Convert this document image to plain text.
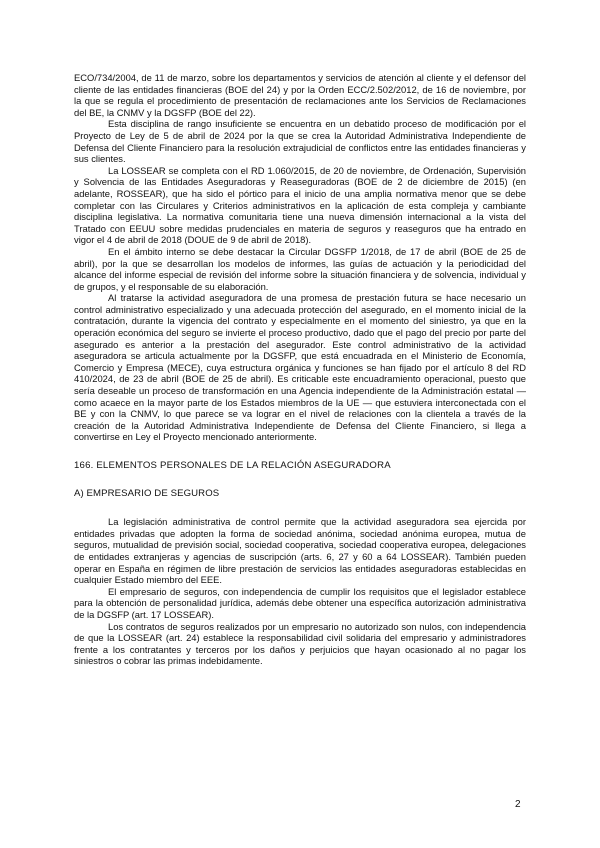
ECO/734/2004, de 11 de marzo, sobre los departamentos y servicios de atención al cliente y el defensor del cliente de las entidades financieras (BOE del 24) y por la Orden ECC/2.502/2012, de 16 de noviembre, por la que se regula el procedimiento de presentación de reclamaciones ante los Servicios de Reclamaciones del BE, la CNMV y la DGSFP (BOE del 22).

Esta disciplina de rango insuficiente se encuentra en un debatido proceso de modificación por el Proyecto de Ley de 5 de abril de 2024 por la que se crea la Autoridad Administrativa Independiente de Defensa del Cliente Financiero para la resolución extrajudicial de conflictos entre las entidades financieras y sus clientes.

La LOSSEAR se completa con el RD 1.060/2015, de 20 de noviembre, de Ordenación, Supervisión y Solvencia de las Entidades Aseguradoras y Reaseguradoras (BOE de 2 de diciembre de 2015) (en adelante, ROSSEAR), que ha sido el pórtico para el inicio de una amplia normativa menor que se debe completar con las Circulares y Criterios administrativos en la aplicación de esta compleja y cambiante disciplina legislativa. La normativa comunitaria tiene una nueva dimensión internacional a la vista del Tratado con EEUU sobre medidas prudenciales en materia de seguros y reaseguros que ha entrado en vigor el 4 de abril de 2018 (DOUE de 9 de abril de 2018).

En el ámbito interno se debe destacar la Circular DGSFP 1/2018, de 17 de abril (BOE de 25 de abril), por la que se desarrollan los modelos de informes, las guías de actuación y la periodicidad del alcance del informe especial de revisión del informe sobre la situación financiera y de solvencia, individual y de grupos, y el responsable de su elaboración.

Al tratarse la actividad aseguradora de una promesa de prestación futura se hace necesario un control administrativo especializado y una adecuada protección del asegurado, en el momento inicial de la contratación, durante la vigencia del contrato y especialmente en el momento del siniestro, ya que en la operación económica del seguro se invierte el proceso productivo, dado que el pago del precio por parte del asegurado es anterior a la prestación del asegurador. Este control administrativo de la actividad aseguradora se articula actualmente por la DGSFP, que está encuadrada en el Ministerio de Economía, Comercio y Empresa (MECE), cuya estructura orgánica y funciones se han fijado por el artículo 8 del RD 410/2024, de 23 de abril (BOE de 25 de abril). Es criticable este encuadramiento operacional, puesto que sería deseable un proceso de transformación en una Agencia independiente de la Administración estatal — como acaece en la mayor parte de los Estados miembros de la UE — que estuviera interconectada con el BE y con la CNMV, lo que parece se va lograr en el nivel de relaciones con la clientela a través de la creación de la Autoridad Administrativa Independiente de Defensa del Cliente Financiero, si llega a convertirse en Ley el Proyecto mencionado anteriormente.

166. ELEMENTOS PERSONALES DE LA RELACIÓN ASEGURADORA

A) EMPRESARIO DE SEGUROS

La legislación administrativa de control permite que la actividad aseguradora sea ejercida por entidades privadas que adopten la forma de sociedad anónima, sociedad anónima europea, mutua de seguros, mutualidad de previsión social, sociedad cooperativa, sociedad cooperativa europea, delegaciones de entidades extranjeras y agencias de suscripción (arts. 6, 27 y 60 a 64 LOSSEAR). También pueden operar en España en régimen de libre prestación de servicios las entidades aseguradoras establecidas en cualquier Estado miembro del EEE.

El empresario de seguros, con independencia de cumplir los requisitos que el legislador establece para la obtención de personalidad jurídica, además debe obtener una específica autorización administrativa de la DGSFP (art. 17 LOSSEAR).

Los contratos de seguros realizados por un empresario no autorizado son nulos, con independencia de que la LOSSEAR (art. 24) establece la responsabilidad civil solidaria del empresario y administradores frente a los contratantes y terceros por los daños y perjuicios que hayan ocasionado al no pagar los siniestros o cobrar las primas indebidamente.

2
